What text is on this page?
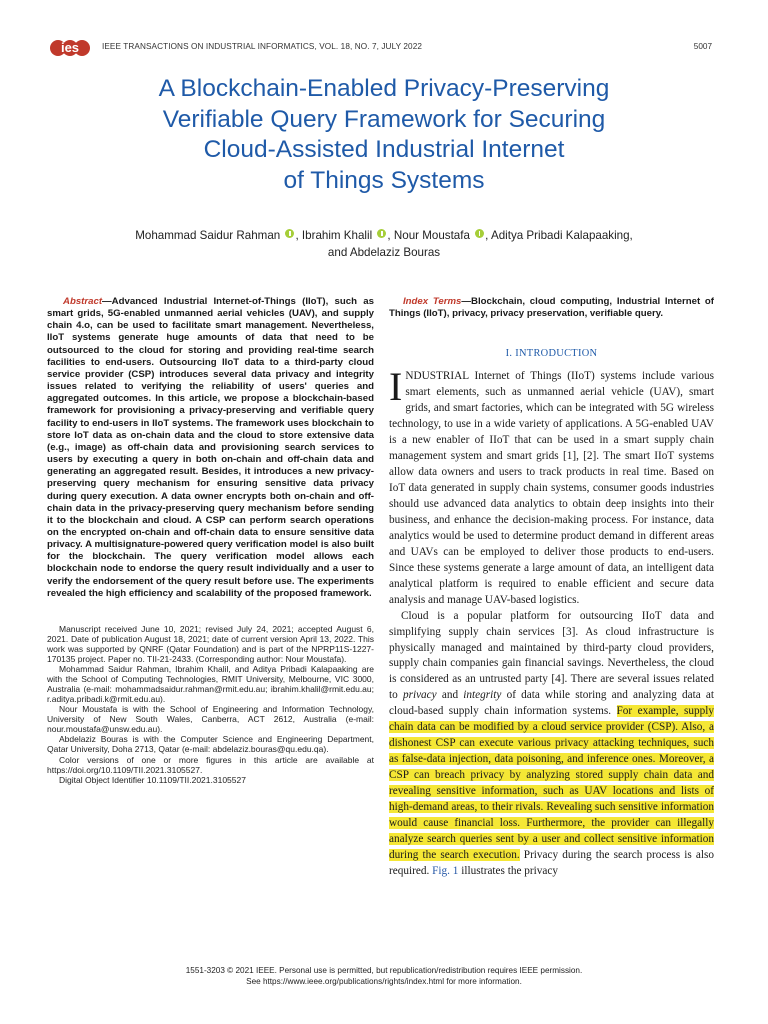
ies	IEEE TRANSACTIONS ON INDUSTRIAL INFORMATICS, VOL. 18, NO. 7, JULY 2022	5007
A Blockchain-Enabled Privacy-Preserving
Verifiable Query Framework for Securing
Cloud-Assisted Industrial Internet
of Things Systems
Mohammad Saidur Rahman , Ibrahim Khalil , Nour Moustafa , Aditya Pribadi Kalapaaking,
and Abdelaziz Bouras

Abstract—Advanced Industrial Internet-of-Things (IIoT), such as smart grids, 5G-enabled unmanned aerial vehicles (UAV), and supply chain 4.o, can be used to facilitate smart management. Nevertheless, IIoT systems generate huge amounts of data that need to be outsourced to the cloud for storing and providing real-time search facilities to end-users. Outsourcing IIoT data to a third-party cloud service provider (CSP) introduces several data privacy and integrity issues related to verifying the reliability of users' queries and aggregated outcomes. In this article, we propose a blockchain-based framework for provisioning a privacy-preserving and verifiable query facility to end-users in IIoT systems. The framework uses blockchain to store IoT data as on-chain data and the cloud to store extensive data (e.g., image) as off-chain data and provisioning search services to users by executing a query in both on-chain and off-chain data and generating an aggregated result. Besides, it introduces a new privacy-preserving query mechanism for ensuring sensitive data privacy during query execution. A data owner encrypts both on-chain and off-chain data in the privacy-preserving query mechanism before sending it to the blockchain and cloud. A CSP can perform search operations on the encrypted on-chain and off-chain data to ensure sensitive data privacy. A multisignature-powered query verification model is also built for the blockchain. The query verification model allows each blockchain node to endorse the query result individually and a user to verify the endorsement of the query result before use. The experiments revealed the high efficiency and scalability of the proposed framework.

Manuscript received June 10, 2021; revised July 24, 2021; accepted August 6, 2021. Date of publication August 18, 2021; date of current version April 13, 2022. This work was supported by QNRF (Qatar Foundation) and is part of the NPRP11S-1227-170135 project. Paper no. TII-21-2433. (Corresponding author: Nour Moustafa).

Mohammad Saidur Rahman, Ibrahim Khalil, and Aditya Pribadi Kalapaaking are with the School of Computing Technologies, RMIT University, Melbourne, VIC 3000, Australia (e-mail: mohammadsaidur.rahman@rmit.edu.au; ibrahim.khalil@rmit.edu.au; r.aditya.pribadi.k@rmit.edu.au).

Nour Moustafa is with the School of Engineering and Information Technology, University of New South Wales, Canberra, ACT 2612, Australia (e-mail: nour.moustafa@unsw.edu.au).

Abdelaziz Bouras is with the Computer Science and Engineering Department, Qatar University, Doha 2713, Qatar (e-mail: abdelaziz.bouras@qu.edu.qa).

Color versions of one or more figures in this article are available at https://doi.org/10.1109/TII.2021.3105527.

Digital Object Identifier 10.1109/TII.2021.3105527

Index Terms—Blockchain, cloud computing, Industrial Internet of Things (IIoT), privacy, privacy preservation, verifiable query.

I. INTRODUCTION

INDUSTRIAL Internet of Things (IIoT) systems include various smart elements, such as unmanned aerial vehicle (UAV), smart grids, and smart factories, which can be integrated with 5G wireless technology, to use in a wide variety of applications. A 5G-enabled UAV is a new enabler of IIoT that can be used in a smart supply chain management system and smart grids [1], [2]. The smart IIoT systems allow data owners and users to track products in real time. Based on IoT data generated in supply chain systems, consumer goods industries should use advanced data analytics to obtain deep insights into their business, and enhance the decision-making process. For instance, data analytics would be used to determine product demand in different areas and UAVs can be employed to deliver those products to end-users. Since these systems generate a large amount of data, an intelligent data analytical platform is required to enable efficient and secure data analysis and manage UAV-based logistics.

Cloud is a popular platform for outsourcing IIoT data and simplifying supply chain services [3]. As cloud infrastructure is physically managed and maintained by third-party cloud providers, supply chain companies gain financial savings. Nevertheless, the cloud is considered as an untrusted party [4]. There are several issues related to privacy and integrity of data while storing and analyzing data at cloud-based supply chain information systems. For example, supply chain data can be modified by a cloud service provider (CSP). Also, a dishonest CSP can execute various privacy attacking techniques, such as false-data injection, data poisoning, and inference ones. Moreover, a CSP can breach privacy by analyzing stored supply chain data and revealing sensitive information, such as UAV locations and lists of high-demand areas, to their rivals. Revealing such sensitive information would cause financial loss. Furthermore, the provider can illegally analyze search queries sent by a user and collect sensitive information during the search execution. Privacy during the search process is also required. Fig. 1 illustrates the privacy

1551-3203 © 2021 IEEE. Personal use is permitted, but republication/redistribution requires IEEE permission.
See https://www.ieee.org/publications/rights/index.html for more information.
